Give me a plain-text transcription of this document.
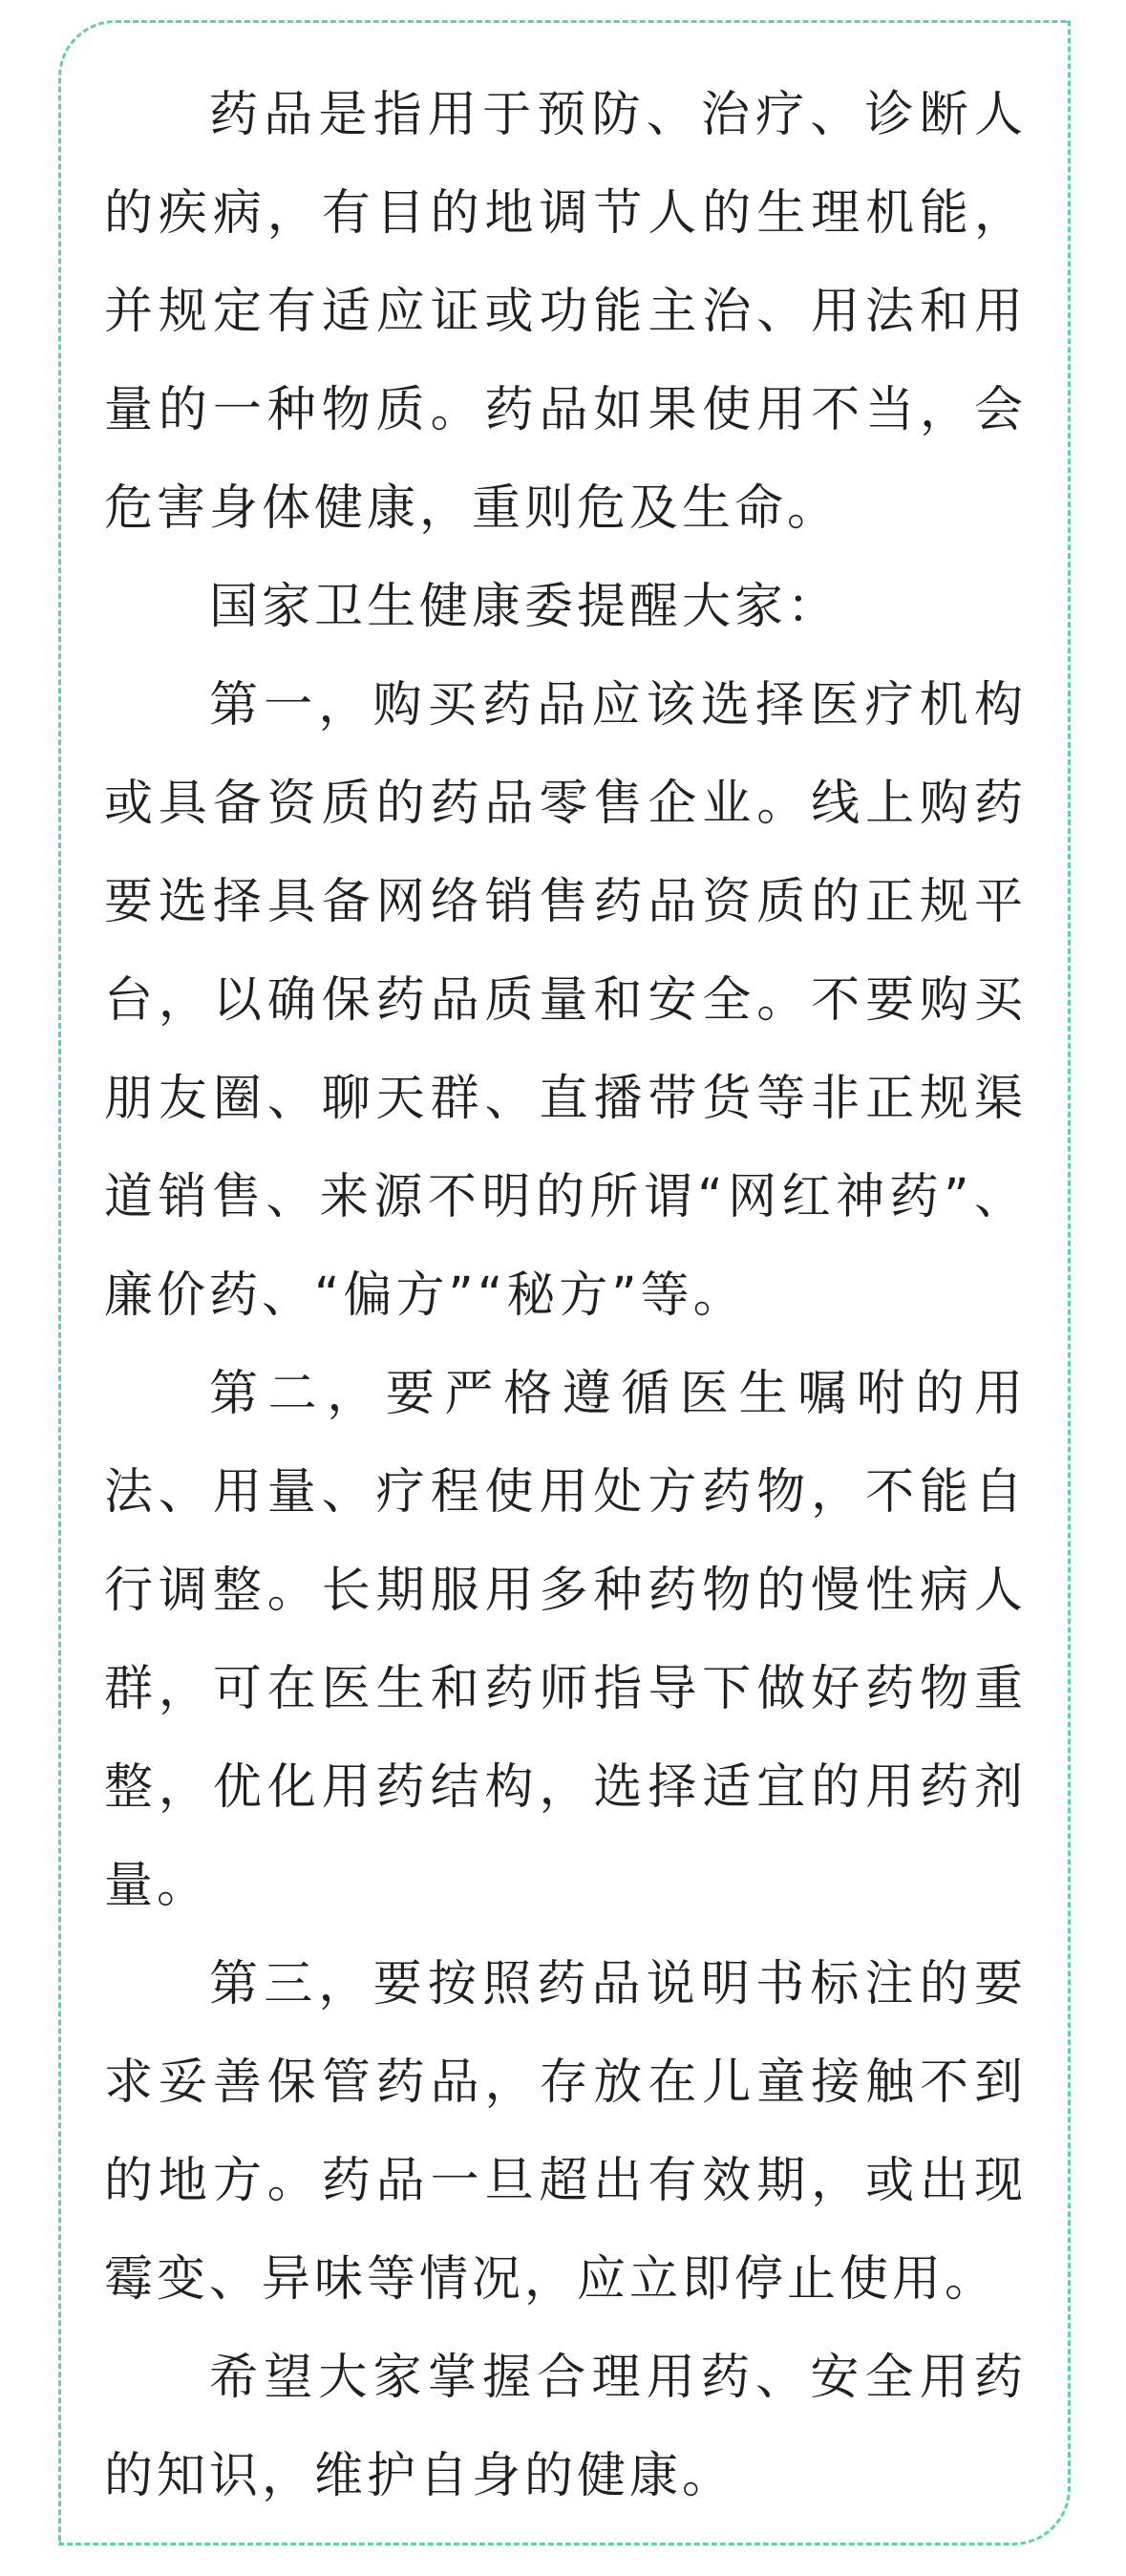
药品是指用于预防、治疗、诊断人的疾病，有目的地调节人的生理机能，并规定有适应证或功能主治、用法和用量的一种物质。药品如果使用不当，会危害身体健康，重则危及生命。

国家卫生健康委提醒大家：

第一，购买药品应该选择医疗机构或具备资质的药品零售企业。线上购药要选择具备网络销售药品资质的正规平台，以确保药品质量和安全。不要购买朋友圈、聊天群、直播带货等非正规渠道销售、来源不明的所谓“网红神药”、廉价药、“偏方”“秘方”等。

第二，要严格遵循医生嘱咐的用法、用量、疗程使用处方药物，不能自行调整。长期服用多种药物的慢性病人群，可在医生和药师指导下做好药物重整，优化用药结构，选择适宜的用药剂量。

第三，要按照药品说明书标注的要求妥善保管药品，存放在儿童接触不到的地方。药品一旦超出有效期，或出现霉变、异味等情况，应立即停止使用。

希望大家掌握合理用药、安全用药的知识，维护自身的健康。
